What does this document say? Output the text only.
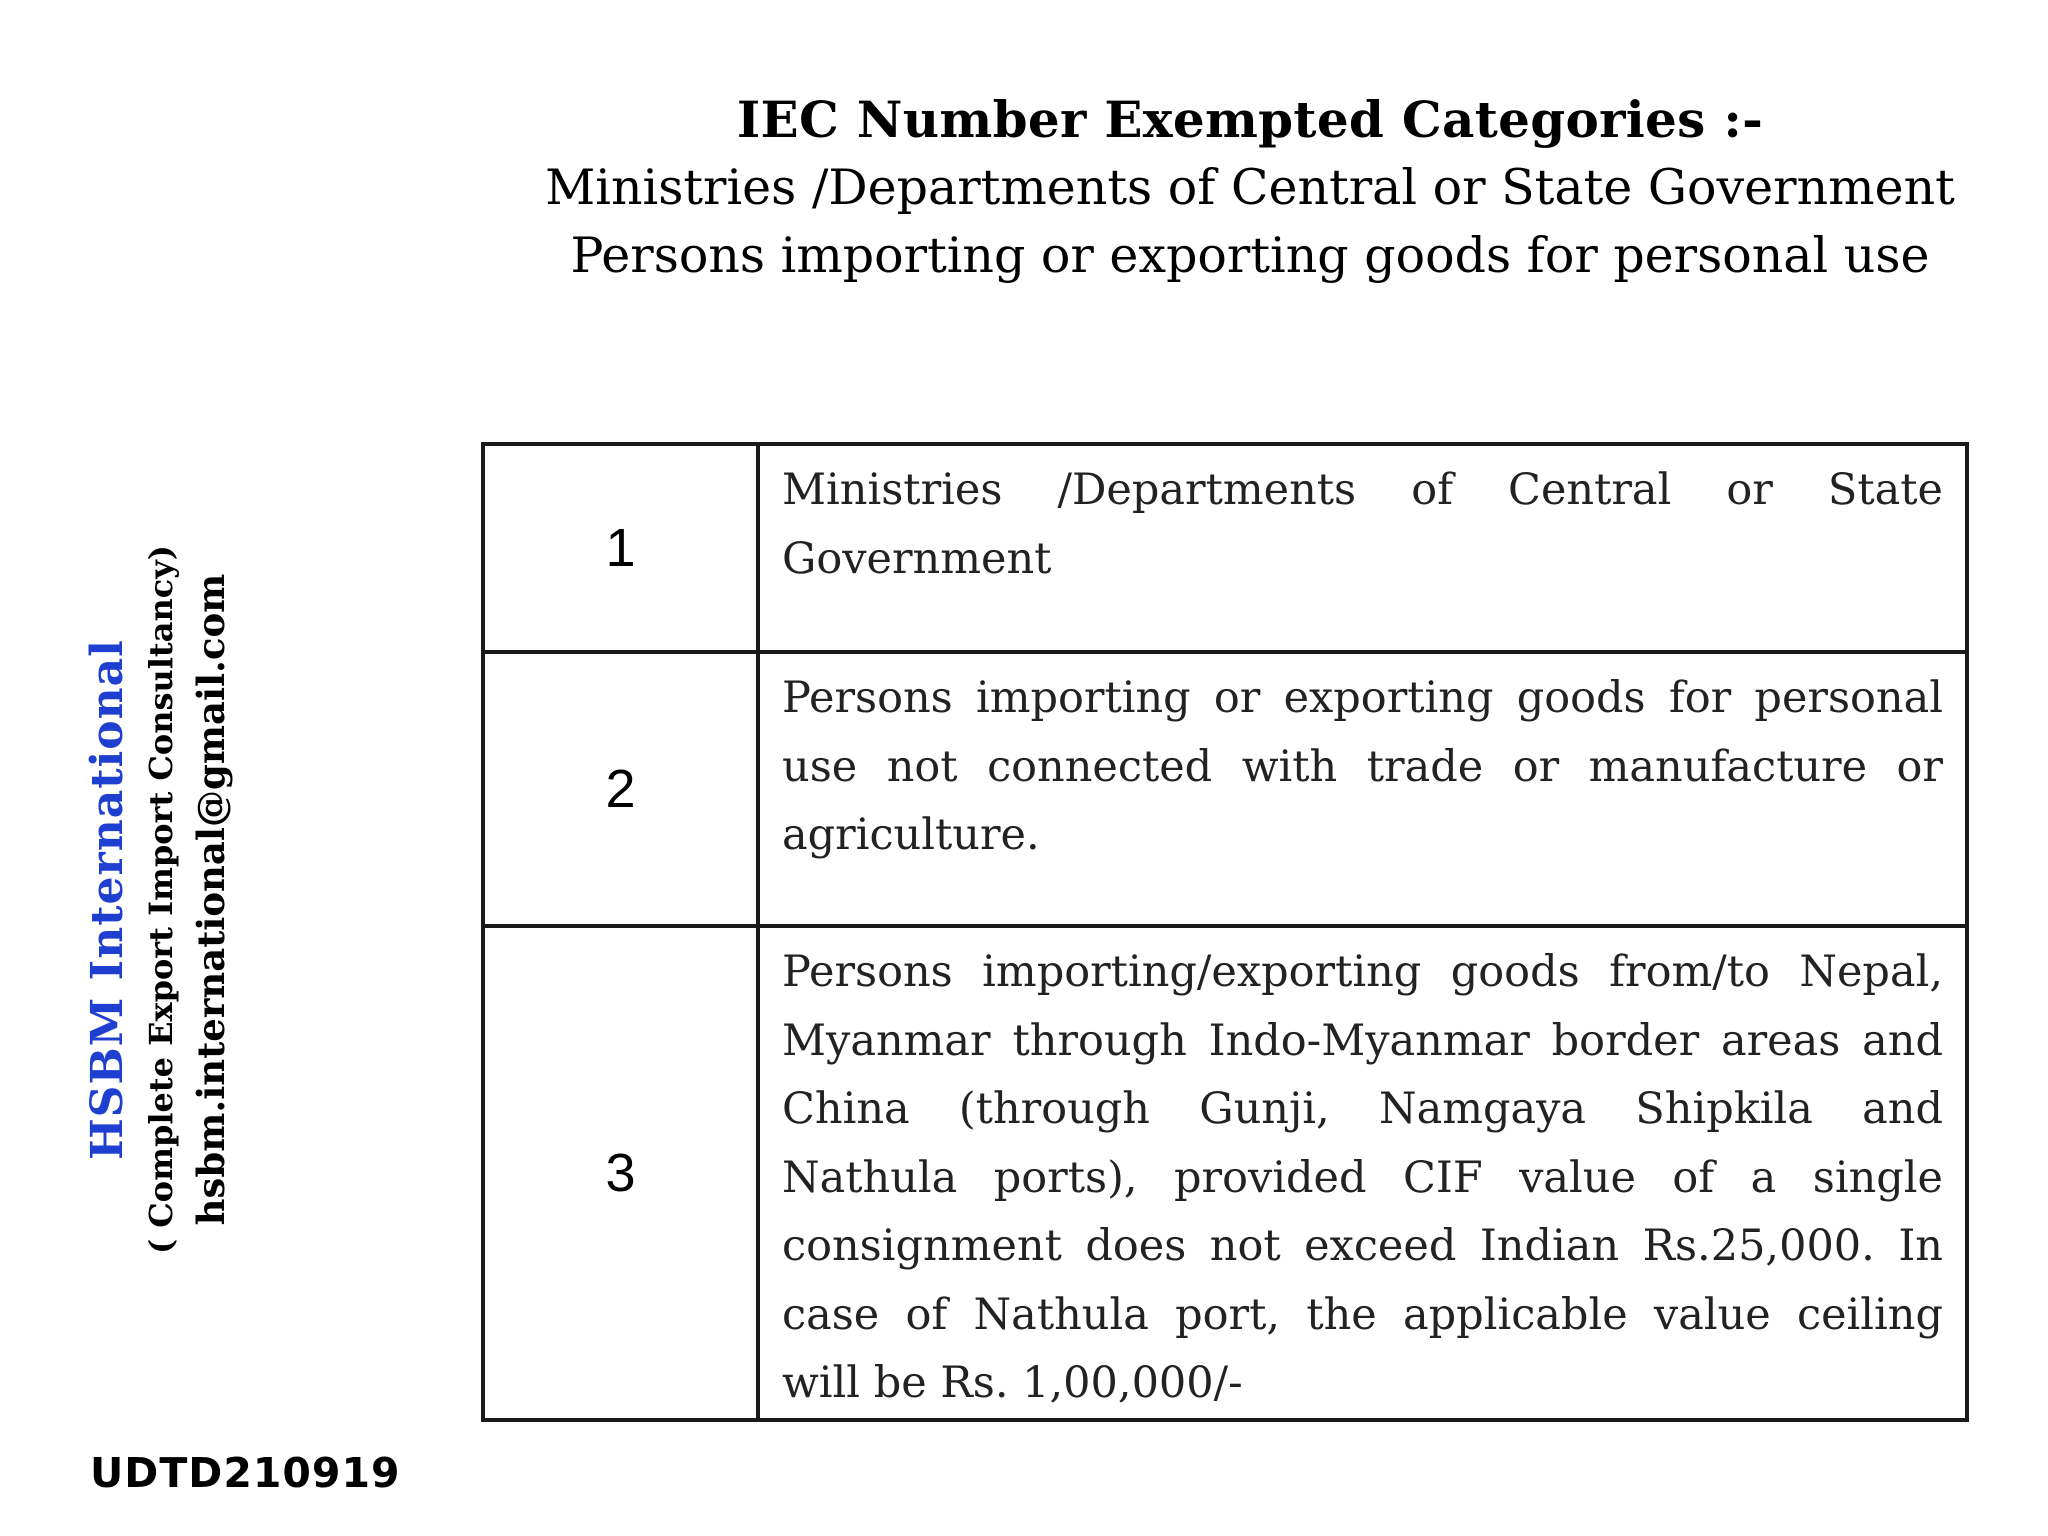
IEC Number Exempted Categories :-
Ministries /Departments of Central or State Government
Persons importing or exporting goods for personal use
HSBM International ( Complete Export Import Consultancy) hsbm.international@gmail.com
1	Ministries /Departments of Central or State Government
2	Persons importing or exporting goods for personal use not connected with trade or manufacture or agriculture.
3	Persons importing/exporting goods from/to Nepal, Myanmar through Indo-Myanmar border areas and China (through Gunji, Namgaya Shipkila and Nathula ports), provided CIF value of a single consignment does not exceed Indian Rs.25,000. In case of Nathula port, the applicable value ceiling will be Rs. 1,00,000/-
UDTD210919
